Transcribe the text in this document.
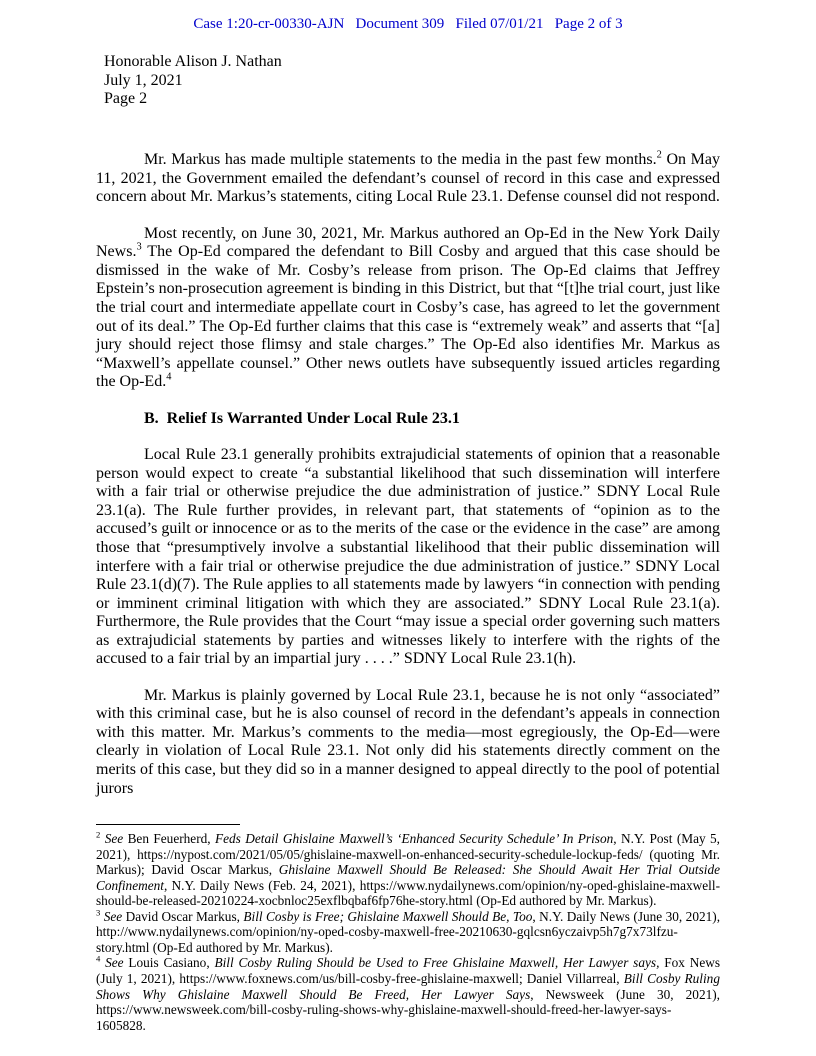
Case 1:20-cr-00330-AJN   Document 309   Filed 07/01/21   Page 2 of 3
Honorable Alison J. Nathan
July 1, 2021
Page 2

Mr. Markus has made multiple statements to the media in the past few months.$^2$ On May 11, 2021, the Government emailed the defendant’s counsel of record in this case and expressed concern about Mr. Markus’s statements, citing Local Rule 23.1. Defense counsel did not respond.

Most recently, on June 30, 2021, Mr. Markus authored an Op-Ed in the New York Daily News.$^3$ The Op-Ed compared the defendant to Bill Cosby and argued that this case should be dismissed in the wake of Mr. Cosby’s release from prison. The Op-Ed claims that Jeffrey Epstein’s non-prosecution agreement is binding in this District, but that “[t]he trial court, just like the trial court and intermediate appellate court in Cosby’s case, has agreed to let the government out of its deal.” The Op-Ed further claims that this case is “extremely weak” and asserts that “[a] jury should reject those flimsy and stale charges.” The Op-Ed also identifies Mr. Markus as “Maxwell’s appellate counsel.” Other news outlets have subsequently issued articles regarding the Op-Ed.$^4$

B.  Relief Is Warranted Under Local Rule 23.1

Local Rule 23.1 generally prohibits extrajudicial statements of opinion that a reasonable person would expect to create “a substantial likelihood that such dissemination will interfere with a fair trial or otherwise prejudice the due administration of justice.” SDNY Local Rule 23.1(a). The Rule further provides, in relevant part, that statements of “opinion as to the accused’s guilt or innocence or as to the merits of the case or the evidence in the case” are among those that “presumptively involve a substantial likelihood that their public dissemination will interfere with a fair trial or otherwise prejudice the due administration of justice.” SDNY Local Rule 23.1(d)(7). The Rule applies to all statements made by lawyers “in connection with pending or imminent criminal litigation with which they are associated.” SDNY Local Rule 23.1(a). Furthermore, the Rule provides that the Court “may issue a special order governing such matters as extrajudicial statements by parties and witnesses likely to interfere with the rights of the accused to a fair trial by an impartial jury . . . .” SDNY Local Rule 23.1(h).

Mr. Markus is plainly governed by Local Rule 23.1, because he is not only “associated” with this criminal case, but he is also counsel of record in the defendant’s appeals in connection with this matter. Mr. Markus’s comments to the media—most egregiously, the Op-Ed—were clearly in violation of Local Rule 23.1. Not only did his statements directly comment on the merits of this case, but they did so in a manner designed to appeal directly to the pool of potential jurors

$^2$ See Ben Feuerherd, Feds Detail Ghislaine Maxwell’s ‘Enhanced Security Schedule’ In Prison, N.Y. Post (May 5, 2021), https://nypost.com/2021/05/05/ghislaine-maxwell-on-enhanced-security-schedule-lockup-feds/ (quoting Mr. Markus); David Oscar Markus, Ghislaine Maxwell Should Be Released: She Should Await Her Trial Outside Confinement, N.Y. Daily News (Feb. 24, 2021), https://www.nydailynews.com/opinion/ny-oped-ghislaine-maxwell-should-be-released-20210224-xocbnloc25exflbqbaf6fp76he-story.html (Op-Ed authored by Mr. Markus).

$^3$ See David Oscar Markus, Bill Cosby is Free; Ghislaine Maxwell Should Be, Too, N.Y. Daily News (June 30, 2021), http://www.nydailynews.com/opinion/ny-oped-cosby-maxwell-free-20210630-gqlcsn6yczaivp5h7g7x73lfzu-story.html (Op-Ed authored by Mr. Markus).

$^4$ See Louis Casiano, Bill Cosby Ruling Should be Used to Free Ghislaine Maxwell, Her Lawyer says, Fox News (July 1, 2021), https://www.foxnews.com/us/bill-cosby-free-ghislaine-maxwell; Daniel Villarreal, Bill Cosby Ruling Shows Why Ghislaine Maxwell Should Be Freed, Her Lawyer Says, Newsweek (June 30, 2021), https://www.newsweek.com/bill-cosby-ruling-shows-why-ghislaine-maxwell-should-freed-her-lawyer-says-1605828.
